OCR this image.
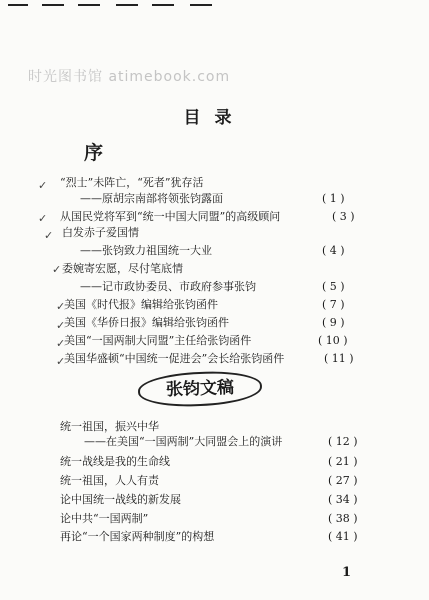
时光图书馆 atimebook.com
目录
序
✓ “烈士”未阵亡，“死者”犹存活
——原胡宗南部将领张钧露面	( 1 )
✓ 从国民党将军到“统一中国大同盟”的高级顾问	( 3 )
✓ 白发赤子爱国情
——张钧致力祖国统一大业	( 4 )
✓ 委婉寄宏愿，尽付笔底情
——记市政协委员、市政府参事张钧	( 5 )
✓
美国《时代报》编辑给张钧函件	( 7 )
✓
美国《华侨日报》编辑给张钧函件	( 9 )
✓
美国“一国两制大同盟”主任给张钧函件	( 10 )
✓
美国华盛顿“中国统一促进会”会长给张钧函件	( 11 )
张钧文稿
统一祖国，振兴中华
——在美国“一国两制”大同盟会上的演讲	( 12 )
统一战线是我的生命线	( 21 )
统一祖国，人人有责	( 27 )
论中国统一战线的新发展	( 34 )
论中共“一国两制”	( 38 )
再论“一个国家两种制度”的构想	( 41 )
1
